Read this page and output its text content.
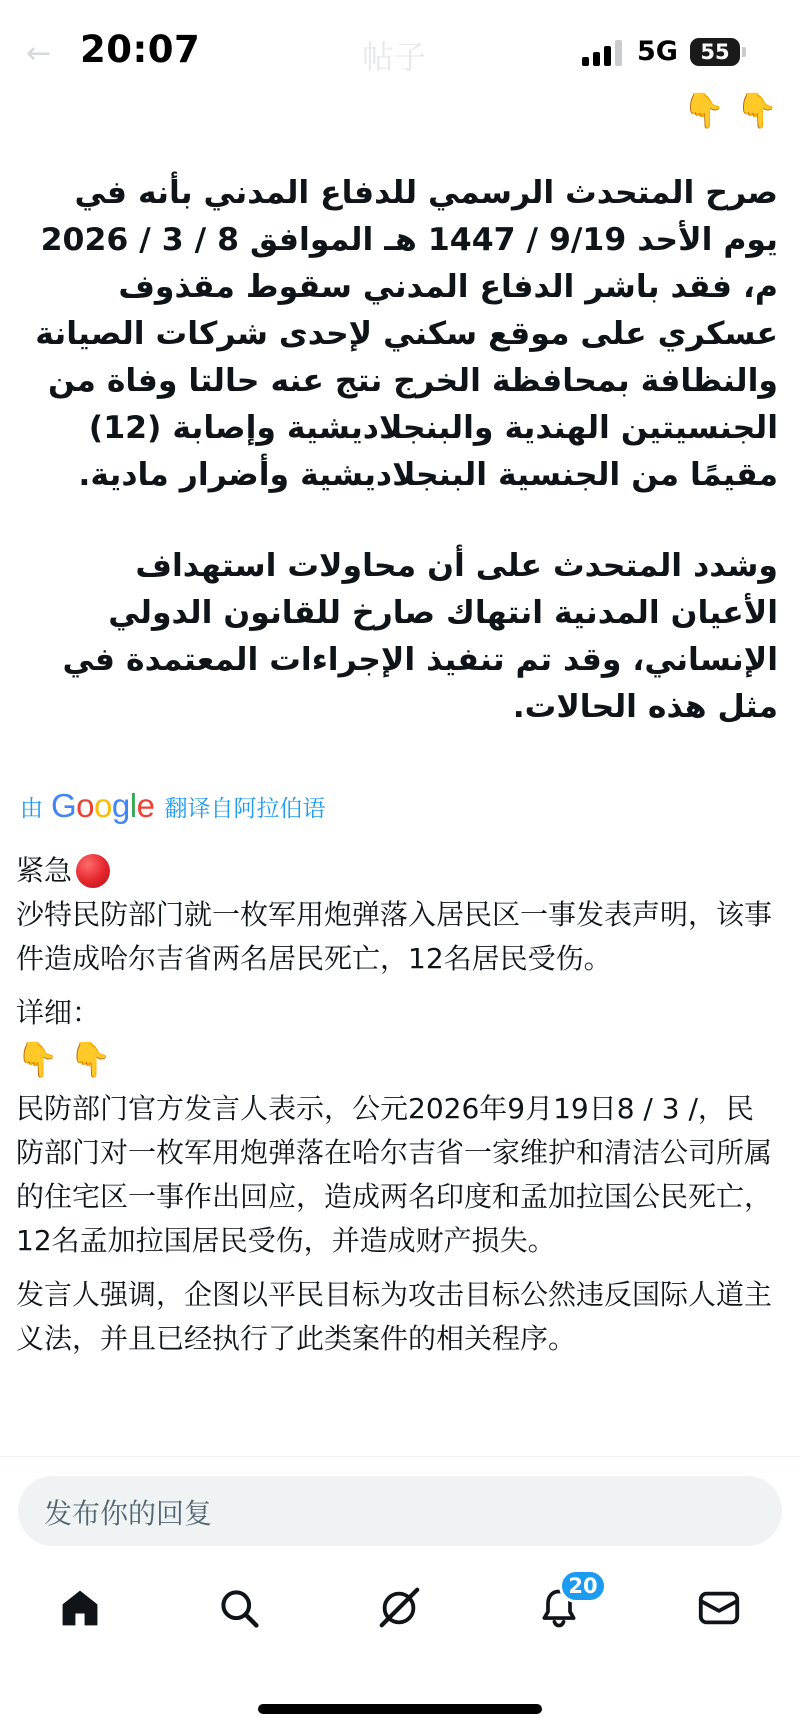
←	帖子
20:07	5G	55
👇 👇

صرح المتحدث الرسمي للدفاع المدني بأنه في يوم الأحد 9/19 / 1447 هـ الموافق 8 / 3 / 2026 م، فقد باشر الدفاع المدني سقوط مقذوف عسكري على موقع سكني لإحدى شركات الصيانة والنظافة بمحافظة الخرج نتج عنه حالتا وفاة من الجنسيتين الهندية والبنجلاديشية وإصابة (12) مقيمًا من الجنسية البنجلاديشية وأضرار مادية.

وشدد المتحدث على أن محاولات استهداف الأعيان المدنية انتهاك صارخ للقانون الدولي الإنساني، وقد تم تنفيذ الإجراءات المعتمدة في مثل هذه الحالات.

由 Google 翻译自阿拉伯语

紧急

沙特民防部门就一枚军用炮弹落入居民区一事发表声明，该事件造成哈尔吉省两名居民死亡，12名居民受伤。

详细：

👇 👇

民防部门官方发言人表示，公元2026年9月19日8 / 3 /，民防部门对一枚军用炮弹落在哈尔吉省一家维护和清洁公司所属的住宅区一事作出回应，造成两名印度和孟加拉国公民死亡，12名孟加拉国居民受伤，并造成财产损失。

发言人强调，企图以平民目标为攻击目标公然违反国际人道主义法，并且已经执行了此类案件的相关程序。

发布你的回复
20
